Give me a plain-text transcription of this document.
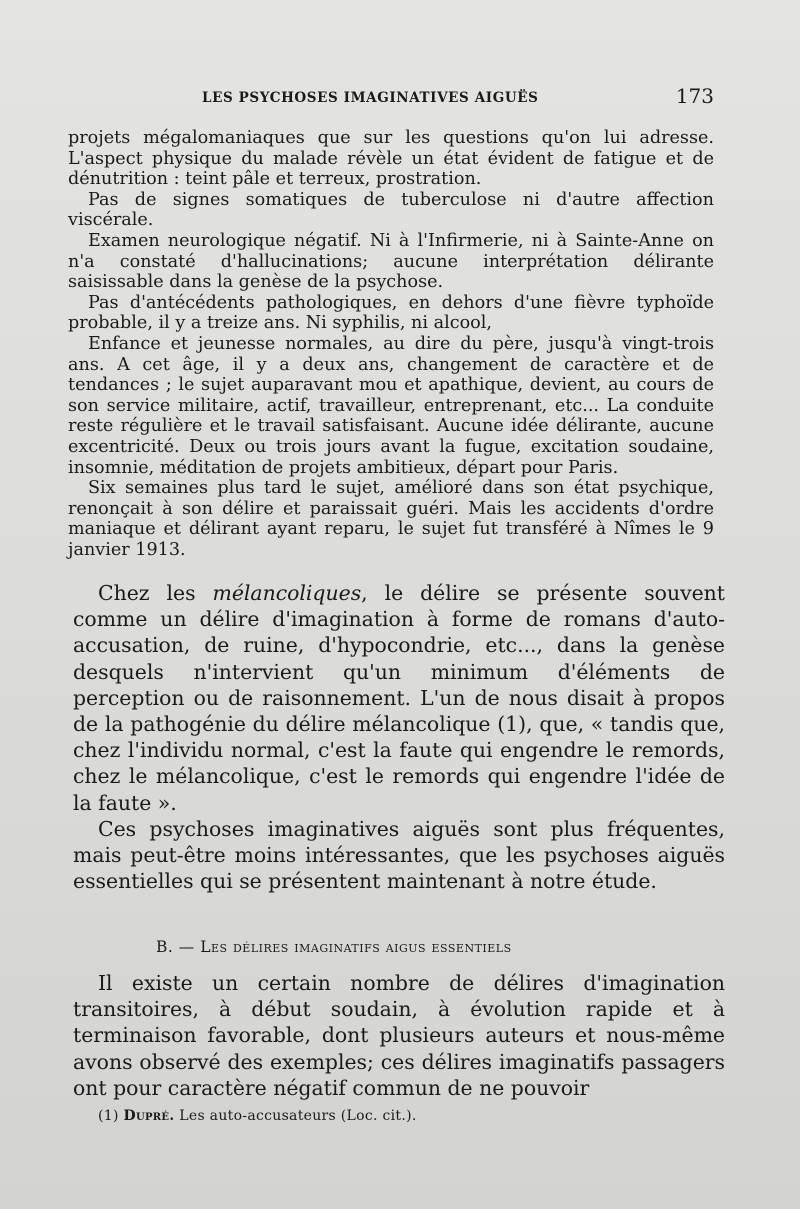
LES PSYCHOSES IMAGINATIVES AIGUËS	173

projets mégalomaniaques que sur les questions qu'on lui adresse. L'aspect physique du malade révèle un état évident de fatigue et de dénutrition : teint pâle et terreux, prostration.

Pas de signes somatiques de tuberculose ni d'autre affection viscérale.

Examen neurologique négatif. Ni à l'Infirmerie, ni à Sainte-Anne on n'a constaté d'hallucinations; aucune interprétation délirante saisissable dans la genèse de la psychose.

Pas d'antécédents pathologiques, en dehors d'une fièvre typhoïde probable, il y a treize ans. Ni syphilis, ni alcool,

Enfance et jeunesse normales, au dire du père, jusqu'à vingt-trois ans. A cet âge, il y a deux ans, changement de caractère et de tendances ; le sujet auparavant mou et apathique, devient, au cours de son service militaire, actif, travailleur, entreprenant, etc... La conduite reste régulière et le travail satisfaisant. Aucune idée délirante, aucune excentricité. Deux ou trois jours avant la fugue, excitation soudaine, insomnie, méditation de projets ambitieux, départ pour Paris.

Six semaines plus tard le sujet, amélioré dans son état psychique, renonçait à son délire et paraissait guéri. Mais les accidents d'ordre maniaque et délirant ayant reparu, le sujet fut transféré à Nîmes le 9 janvier 1913.

Chez les mélancoliques, le délire se présente souvent comme un délire d'imagination à forme de romans d'auto-accusation, de ruine, d'hypocondrie, etc..., dans la genèse desquels n'intervient qu'un minimum d'éléments de perception ou de raisonnement. L'un de nous disait à propos de la pathogénie du délire mélancolique (1), que, « tandis que, chez l'individu normal, c'est la faute qui engendre le remords, chez le mélancolique, c'est le remords qui engendre l'idée de la faute ».

Ces psychoses imaginatives aiguës sont plus fréquentes, mais peut-être moins intéressantes, que les psychoses aiguës essentielles qui se présentent maintenant à notre étude.

B. — Les délires imaginatifs aigus essentiels

Il existe un certain nombre de délires d'imagination transitoires, à début soudain, à évolution rapide et à terminaison favorable, dont plusieurs auteurs et nous-même avons observé des exemples; ces délires imaginatifs passagers ont pour caractère négatif commun de ne pouvoir

(1) Dupré. Les auto-accusateurs (Loc. cit.).
